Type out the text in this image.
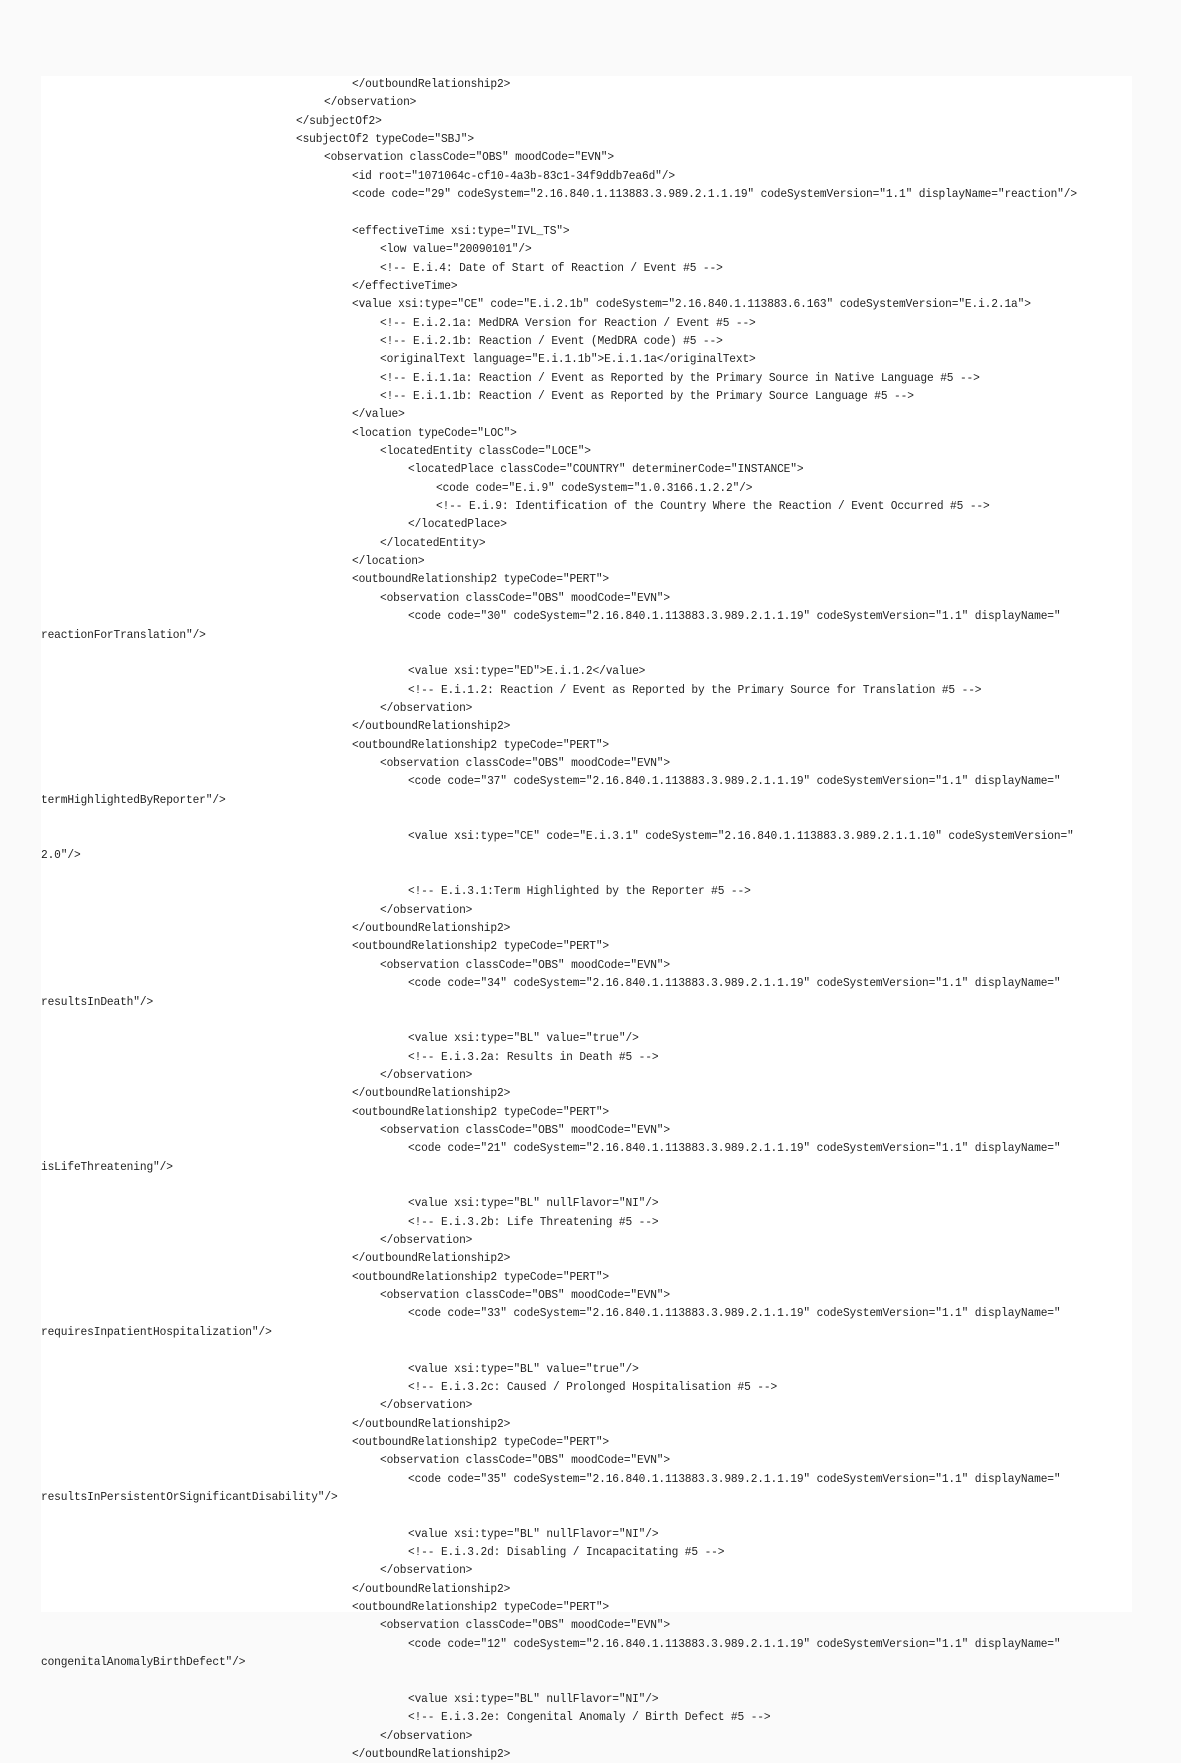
</outboundRelationship2>
</observation>
</subjectOf2>
<subjectOf2 typeCode="SBJ">
<observation classCode="OBS" moodCode="EVN">
<id root="1071064c-cf10-4a3b-83c1-34f9ddb7ea6d"/>
<code code="29" codeSystem="2.16.840.1.113883.3.989.2.1.1.19" codeSystemVersion="1.1" displayName="reaction"/>
<effectiveTime xsi:type="IVL_TS">
<low value="20090101"/>
<!-- E.i.4: Date of Start of Reaction / Event #5 -->
</effectiveTime>
<value xsi:type="CE" code="E.i.2.1b" codeSystem="2.16.840.1.113883.6.163" codeSystemVersion="E.i.2.1a">
<!-- E.i.2.1a: MedDRA Version for Reaction / Event #5 -->
<!-- E.i.2.1b: Reaction / Event (MedDRA code) #5 -->
<originalText language="E.i.1.1b">E.i.1.1a</originalText>
<!-- E.i.1.1a: Reaction / Event as Reported by the Primary Source in Native Language #5 -->
<!-- E.i.1.1b: Reaction / Event as Reported by the Primary Source Language #5 -->
</value>
<location typeCode="LOC">
<locatedEntity classCode="LOCE">
<locatedPlace classCode="COUNTRY" determinerCode="INSTANCE">
<code code="E.i.9" codeSystem="1.0.3166.1.2.2"/>
<!-- E.i.9: Identification of the Country Where the Reaction / Event Occurred #5 -->
</locatedPlace>
</locatedEntity>
</location>
<outboundRelationship2 typeCode="PERT">
<observation classCode="OBS" moodCode="EVN">
<code code="30" codeSystem="2.16.840.1.113883.3.989.2.1.1.19" codeSystemVersion="1.1" displayName="
reactionForTranslation"/>
<value xsi:type="ED">E.i.1.2</value>
<!-- E.i.1.2: Reaction / Event as Reported by the Primary Source for Translation #5 -->
</observation>
</outboundRelationship2>
<outboundRelationship2 typeCode="PERT">
<observation classCode="OBS" moodCode="EVN">
<code code="37" codeSystem="2.16.840.1.113883.3.989.2.1.1.19" codeSystemVersion="1.1" displayName="
termHighlightedByReporter"/>
<value xsi:type="CE" code="E.i.3.1" codeSystem="2.16.840.1.113883.3.989.2.1.1.10" codeSystemVersion="
2.0"/>
<!-- E.i.3.1:Term Highlighted by the Reporter #5 -->
</observation>
</outboundRelationship2>
<outboundRelationship2 typeCode="PERT">
<observation classCode="OBS" moodCode="EVN">
<code code="34" codeSystem="2.16.840.1.113883.3.989.2.1.1.19" codeSystemVersion="1.1" displayName="
resultsInDeath"/>
<value xsi:type="BL" value="true"/>
<!-- E.i.3.2a: Results in Death #5 -->
</observation>
</outboundRelationship2>
<outboundRelationship2 typeCode="PERT">
<observation classCode="OBS" moodCode="EVN">
<code code="21" codeSystem="2.16.840.1.113883.3.989.2.1.1.19" codeSystemVersion="1.1" displayName="
isLifeThreatening"/>
<value xsi:type="BL" nullFlavor="NI"/>
<!-- E.i.3.2b: Life Threatening #5 -->
</observation>
</outboundRelationship2>
<outboundRelationship2 typeCode="PERT">
<observation classCode="OBS" moodCode="EVN">
<code code="33" codeSystem="2.16.840.1.113883.3.989.2.1.1.19" codeSystemVersion="1.1" displayName="
requiresInpatientHospitalization"/>
<value xsi:type="BL" value="true"/>
<!-- E.i.3.2c: Caused / Prolonged Hospitalisation #5 -->
</observation>
</outboundRelationship2>
<outboundRelationship2 typeCode="PERT">
<observation classCode="OBS" moodCode="EVN">
<code code="35" codeSystem="2.16.840.1.113883.3.989.2.1.1.19" codeSystemVersion="1.1" displayName="
resultsInPersistentOrSignificantDisability"/>
<value xsi:type="BL" nullFlavor="NI"/>
<!-- E.i.3.2d: Disabling / Incapacitating #5 -->
</observation>
</outboundRelationship2>
<outboundRelationship2 typeCode="PERT">
<observation classCode="OBS" moodCode="EVN">
<code code="12" codeSystem="2.16.840.1.113883.3.989.2.1.1.19" codeSystemVersion="1.1" displayName="
congenitalAnomalyBirthDefect"/>
<value xsi:type="BL" nullFlavor="NI"/>
<!-- E.i.3.2e: Congenital Anomaly / Birth Defect #5 -->
</observation>
</outboundRelationship2>
